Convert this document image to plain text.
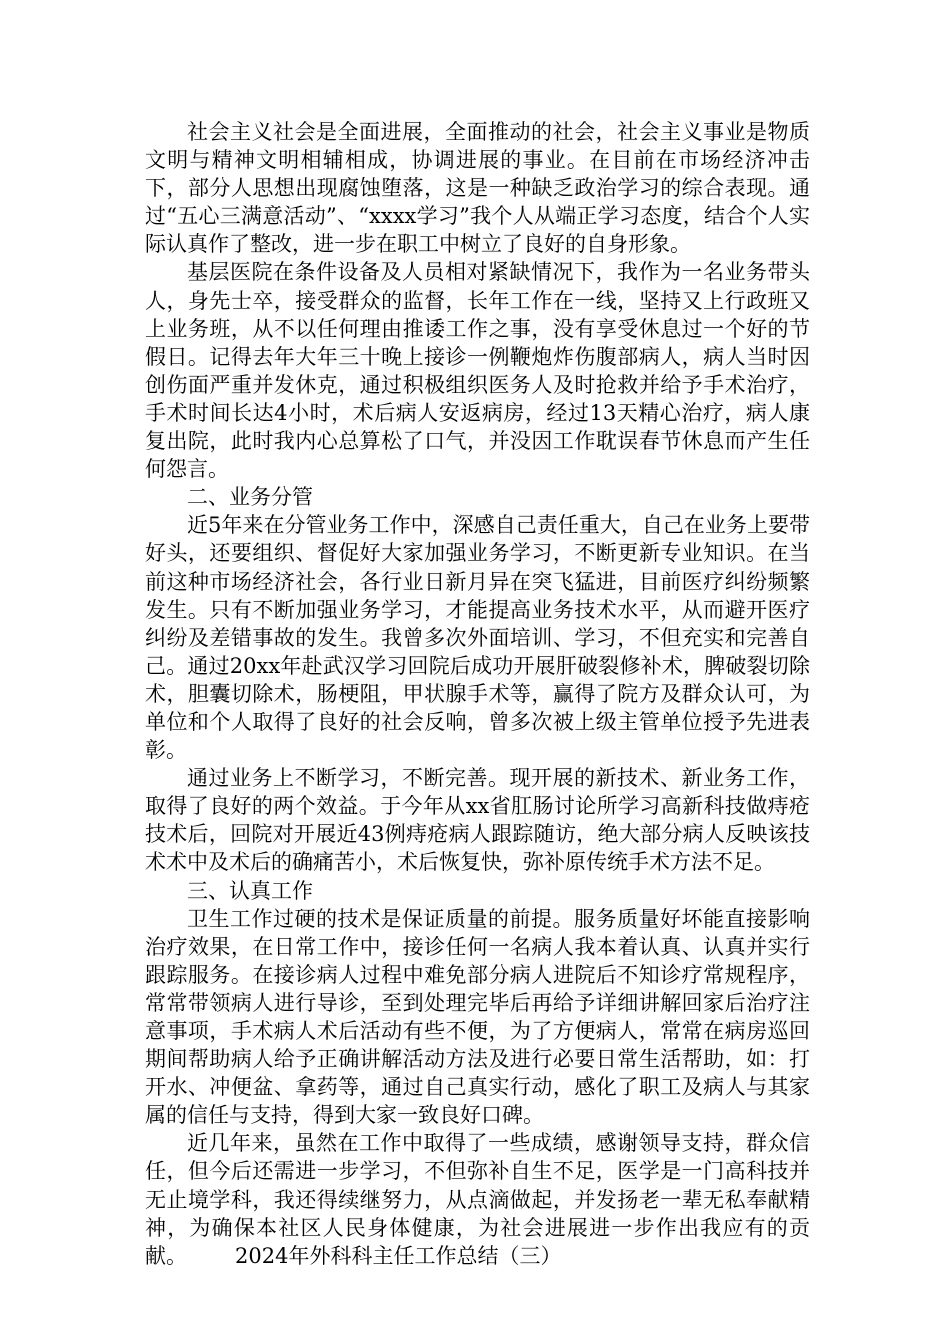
社会主义社会是全面进展，全面推动的社会，社会主义事业是物质文明与精神文明相辅相成，协调进展的事业。在目前在市场经济冲击下，部分人思想出现腐蚀堕落，这是一种缺乏政治学习的综合表现。通过“五心三满意活动”、“xxxx学习”我个人从端正学习态度，结合个人实际认真作了整改，进一步在职工中树立了良好的自身形象。

基层医院在条件设备及人员相对紧缺情况下，我作为一名业务带头人，身先士卒，接受群众的监督，长年工作在一线，坚持又上行政班又上业务班，从不以任何理由推诿工作之事，没有享受休息过一个好的节假日。记得去年大年三十晚上接诊一例鞭炮炸伤腹部病人，病人当时因创伤面严重并发休克，通过积极组织医务人及时抢救并给予手术治疗，手术时间长达4小时，术后病人安返病房，经过13天精心治疗，病人康复出院，此时我内心总算松了口气，并没因工作耽误春节休息而产生任何怨言。

二、业务分管

近5年来在分管业务工作中，深感自己责任重大，自己在业务上要带好头，还要组织、督促好大家加强业务学习，不断更新专业知识。在当前这种市场经济社会，各行业日新月异在突飞猛进，目前医疗纠纷频繁发生。只有不断加强业务学习，才能提高业务技术水平，从而避开医疗纠纷及差错事故的发生。我曾多次外面培训、学习，不但充实和完善自己。通过20xx年赴武汉学习回院后成功开展肝破裂修补术，脾破裂切除术，胆囊切除术，肠梗阻，甲状腺手术等，赢得了院方及群众认可，为单位和个人取得了良好的社会反响，曾多次被上级主管单位授予先进表彰。

通过业务上不断学习，不断完善。现开展的新技术、新业务工作，取得了良好的两个效益。于今年从xx省肛肠讨论所学习高新科技做痔疮技术后，回院对开展近43例痔疮病人跟踪随访，绝大部分病人反映该技术术中及术后的确痛苦小，术后恢复快，弥补原传统手术方法不足。

三、认真工作

卫生工作过硬的技术是保证质量的前提。服务质量好坏能直接影响治疗效果，在日常工作中，接诊任何一名病人我本着认真、认真并实行跟踪服务。在接诊病人过程中难免部分病人进院后不知诊疗常规程序，常常带领病人进行导诊，至到处理完毕后再给予详细讲解回家后治疗注意事项，手术病人术后活动有些不便，为了方便病人，常常在病房巡回期间帮助病人给予正确讲解活动方法及进行必要日常生活帮助，如：打开水、冲便盆、拿药等，通过自己真实行动，感化了职工及病人与其家属的信任与支持，得到大家一致良好口碑。

近几年来，虽然在工作中取得了一些成绩，感谢领导支持，群众信任，但今后还需进一步学习，不但弥补自生不足，医学是一门高科技并无止境学科，我还得续继努力，从点滴做起，并发扬老一辈无私奉献精神，为确保本社区人民身体健康，为社会进展进一步作出我应有的贡献。 2024年外科科主任工作总结（三）
